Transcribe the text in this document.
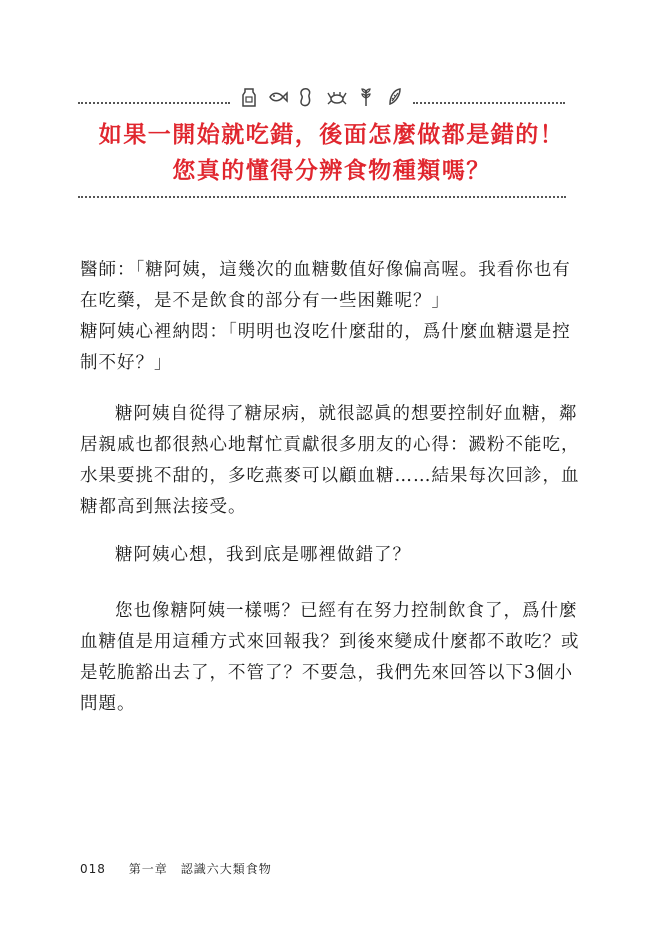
如果一開始就吃錯，後面怎麼做都是錯的！
您真的懂得分辨食物種類嗎？

醫師：「糖阿姨，這幾次的血糖數值好像偏高喔。我看你也有在吃藥，是不是飲食的部分有一些困難呢？」

糖阿姨心裡納悶：「明明也沒吃什麼甜的，爲什麼血糖還是控制不好？」

糖阿姨自從得了糖尿病，就很認眞的想要控制好血糖，鄰居親戚也都很熱心地幫忙貢獻很多朋友的心得：澱粉不能吃，水果要挑不甜的，多吃燕麥可以顧血糖……結果每次回診，血糖都高到無法接受。
糖阿姨心想，我到底是哪裡做錯了？
您也像糖阿姨一樣嗎？已經有在努力控制飲食了，爲什麼血糖值是用這種方式來回報我？到後來變成什麼都不敢吃？或是乾脆豁出去了，不管了？不要急，我們先來回答以下3個小問題。
018 第一章　認識六大類食物
